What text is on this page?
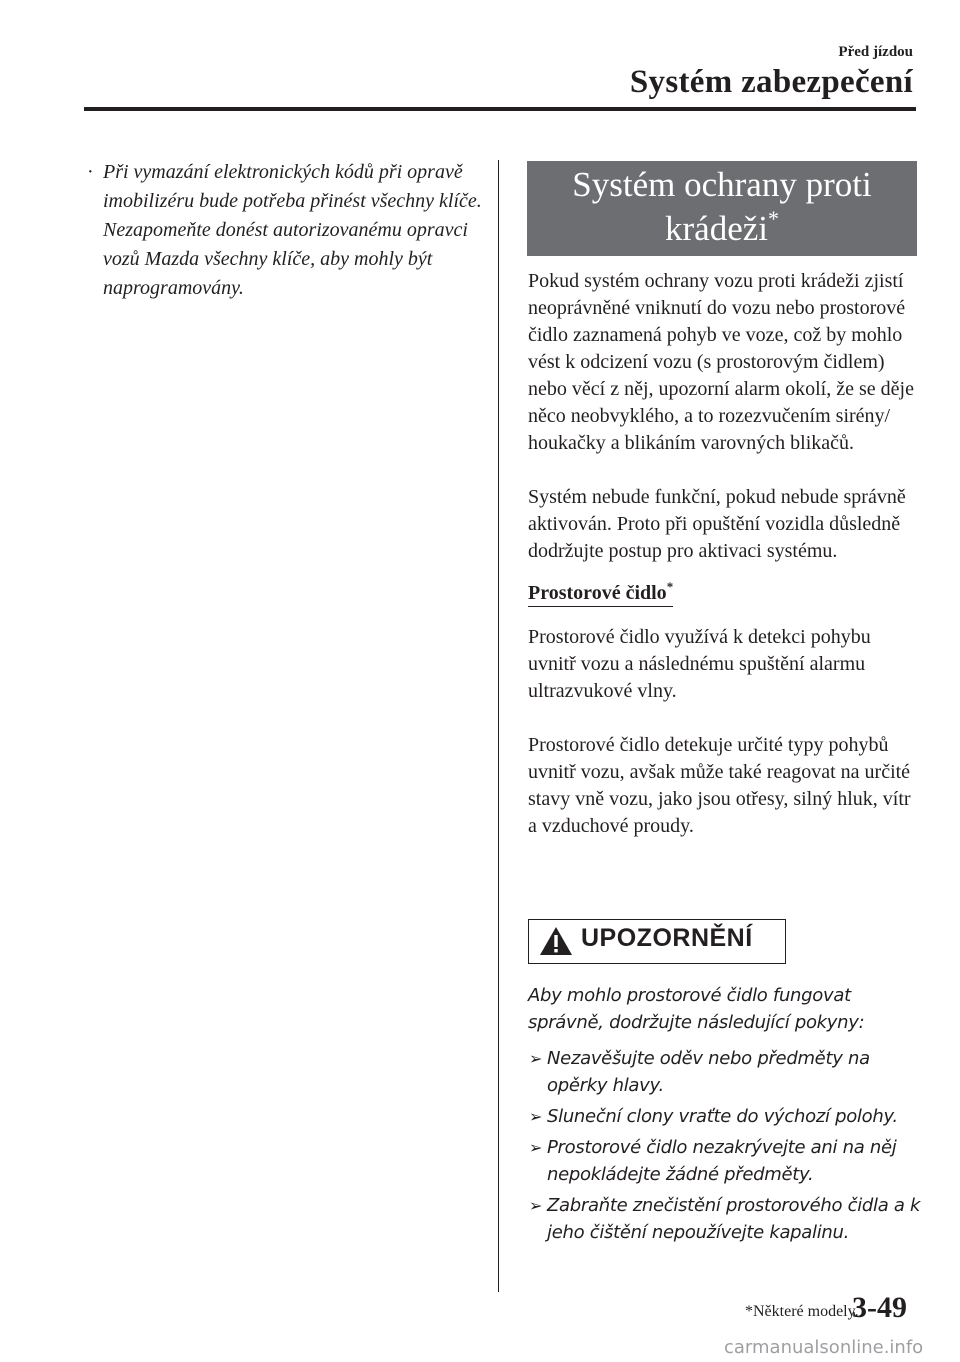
Před jízdou
Systém zabezpečení
· Při vymazání elektronických kódů při opravě imobilizéru bude potřeba přinést všechny klíče. Nezapomeňte donést autorizovanému opravci vozů Mazda všechny klíče, aby mohly být naprogramovány.
Systém ochrany proti
krádeži*

Pokud systém ochrany vozu proti krádeži zjistí neoprávněné vniknutí do vozu nebo prostorové čidlo zaznamená pohyb ve voze, což by mohlo vést k odcizení vozu (s prostorovým čidlem) nebo věcí z něj, upozorní alarm okolí, že se děje něco neobvyklého, a to rozezvučením sirény/ houkačky a blikáním varovných blikačů.

Systém nebude funkční, pokud nebude správně aktivován. Proto při opuštění vozidla důsledně dodržujte postup pro aktivaci systému.

Prostorové čidlo*

Prostorové čidlo využívá k detekci pohybu uvnitř vozu a následnému spuštění alarmu ultrazvukové vlny.

Prostorové čidlo detekuje určité typy pohybů uvnitř vozu, avšak může také reagovat na určité stavy vně vozu, jako jsou otřesy, silný hluk, vítr a vzduchové proudy.

UPOZORNĚNÍ

Aby mohlo prostorové čidlo fungovat správně, dodržujte následující pokyny:

➢ Nezavěšujte oděv nebo předměty na opěrky hlavy.
➢ Sluneční clony vraťte do výchozí polohy.
➢ Prostorové čidlo nezakrývejte ani na něj nepokládejte žádné předměty.
➢ Zabraňte znečistění prostorového čidla a k jeho čištění nepoužívejte kapalinu.
*Některé modely.
3-49
carmanualsonline.info
